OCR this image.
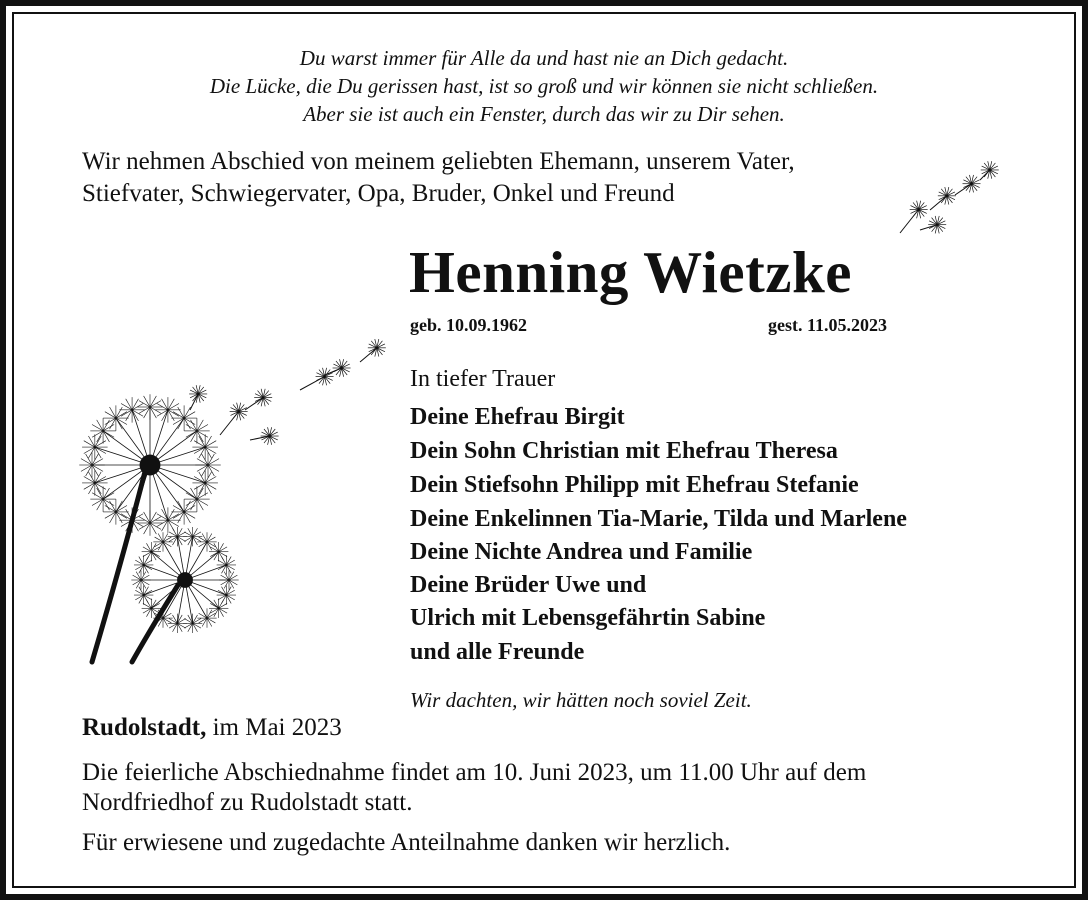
Du warst immer für Alle da und hast nie an Dich gedacht.

Die Lücke, die Du gerissen hast, ist so groß und wir können sie nicht schließen.

Aber sie ist auch ein Fenster, durch das wir zu Dir sehen.

Wir nehmen Abschied von meinem geliebten Ehemann, unserem Vater,

Stiefvater, Schwiegervater, Opa, Bruder, Onkel und Freund

Henning Wietzke

geb. 10.09.1962	gest. 11.05.2023

In tiefer Trauer

Deine Ehefrau Birgit

Dein Sohn Christian mit Ehefrau Theresa

Dein Stiefsohn Philipp mit Ehefrau Stefanie

Deine Enkelinnen Tia-Marie, Tilda und Marlene

Deine Nichte Andrea und Familie

Deine Brüder Uwe und

Ulrich mit Lebensgefährtin Sabine

und alle Freunde

Wir dachten, wir hätten noch soviel Zeit.

Rudolstadt, im Mai 2023

Die feierliche Abschiednahme findet am 10. Juni 2023, um 11.00 Uhr auf dem

Nordfriedhof zu Rudolstadt statt.

Für erwiesene und zugedachte Anteilnahme danken wir herzlich.
